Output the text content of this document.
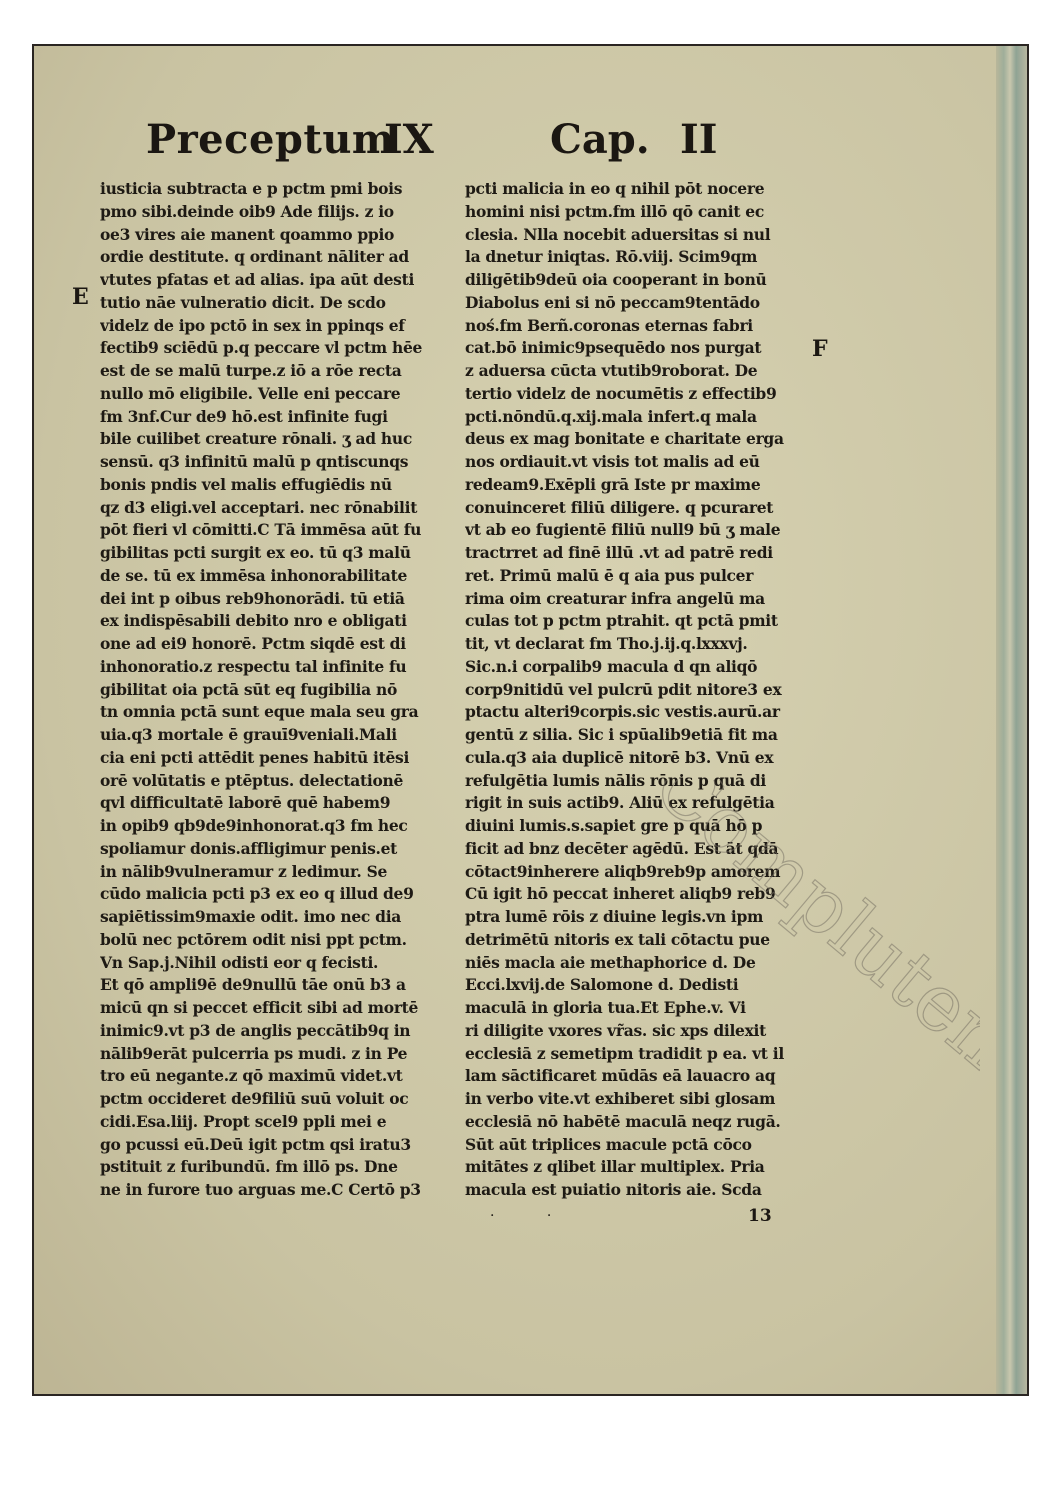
Preceptum
IX	Cap. II
iusticia subtracta e p pctm pmi bois
pmo sibi.deinde oib9 Ade filijs. z io
oe3 vires aie manent qoammo ppio
ordie destitute. q ordinant nāliter ad
vtutes pfatas et ad alias. ipa aūt desti
tutio nāe vulneratio dicit. De scdo
videlz de ipo pctō in sex in ppinqs ef
fectib9 sciēdū p.q peccare vl pctm hēe
est de se malū turpe.z iō a rōe recta
nullo mō eligibile. Velle eni peccare
fm 3nf.Cur de9 hō.est infinite fugi
bile cuilibet creature rōnali. ʒ ad huc
sensū. q3 infinitū malū p qntiscunqs
bonis pndis vel malis effugiēdis nū
qz d3 eligi.vel acceptari. nec rōnabilit
pōt fieri vl cōmitti.C Tā immēsa aūt fu
gibilitas pcti surgit ex eo. tū q3 malū
de se. tū ex immēsa inhonorabilitate
dei int p oibus reb9honorādi. tū etiā
ex indispēsabili debito nro e obligati
one ad ei9 honorē. Pctm siqdē est di
inhonoratio.z respectu tal infinite fu
gibilitat oia pctā sūt eq fugibilia nō
tn omnia pctā sunt eque mala seu gra
uia.q3 mortale ē grauī9veniali.Mali
cia eni pcti attēdit penes habitū itēsi
orē volūtatis e ptēptus. delectationē
qvl difficultatē laborē quē habem9
in opib9 qb9de9inhonorat.q3 fm hec
spoliamur donis.affligimur penis.et
in nālib9vulneramur z ledimur. Se
cūdo malicia pcti p3 ex eo q illud de9
sapiētissim9maxie odit. imo nec dia
bolū nec pctōrem odit nisi ppt pctm.
Vn Sap.j.Nihil odisti eor q fecisti.
Et qō ampli9ē de9nullū tāe onū b3 a
micū qn si peccet efficit sibi ad mortē
inimic9.vt p3 de anglis peccātib9q in
nālib9erāt pulcerria ps mudi. z in Pe
tro eū negante.z qō maximū videt.vt
pctm occideret de9filiū suū voluit oc
cidi.Esa.liij. Propt scel9 ppli mei e
go pcussi eū.Deū igit pctm qsi iratu3
pstituit z furibundū. fm illō ps. Dne
ne in furore tuo arguas me.C Certō p3
pcti malicia in eo q nihil pōt nocere
homini nisi pctm.fm illō qō canit ec
clesia. Nlla nocebit aduersitas si nul
la dnetur iniqtas. Rō.viij. Scim9qm
diligētib9deū oia cooperant in bonū
Diabolus eni si nō peccam9tentādo
noś.fm Berñ.coronas eternas fabri
cat.bō inimic9psequēdo nos purgat
z aduersa cūcta vtutib9roborat. De
tertio videlz de nocumētis z effectib9
pcti.nōndū.q.xij.mala infert.q mala
deus ex mag bonitate e charitate erga
nos ordiauit.vt visis tot malis ad eū
redeam9.Exēpli grā Iste pr maxime
conuinceret filiū diligere. q pcuraret
vt ab eo fugientē filiū null9 bū ʒ male
tractrret ad finē illū .vt ad patrē redi
ret. Primū malū ē q aia pus pulcer
rima oim creaturar infra angelū ma
culas tot p pctm ptrahit. qt pctā pmit
tit, vt declarat fm Tho.j.ij.q.lxxxvj.
Sic.n.i corpalib9 macula d qn aliqō
corp9nitidū vel pulcrū pdit nitore3 ex
ptactu alteri9corpis.sic vestis.aurū.ar
gentū z silia. Sic i spūalib9etiā fit ma
cula.q3 aia duplicē nitorē b3. Vnū ex
refulgētia lumis nālis rōnis p quā di
rigit in suis actib9. Aliū ex refulgētia
diuini lumis.s.sapiet gre p quā hō p
ficit ad bnz decēter agēdū. Est āt qdā
cōtact9inherere aliqb9reb9p amorem
Cū igit hō peccat inheret aliqb9 reb9
ptra lumē rōis z diuine legis.vn ipm
detrimētū nitoris ex tali cōtactu pue
niēs macla aie methaphorice d. De
Ecci.lxvij.de Salomone d. Dedisti
maculā in gloria tua.Et Ephe.v. Vi
ri diligite vxores vr̃as. sic xps dilexit
ecclesiā z semetipm tradidit p ea. vt il
lam sāctificaret mūdās eā lauacro aq
in verbo vite.vt exhiberet sibi glosam
ecclesiā nō habētē maculā neqz rugā.
Sūt aūt triplices macule pctā cōco
mitātes z qlibet illar multiplex. Pria
macula est puiatio nitoris aie. Scda
E
F
· ·	13
